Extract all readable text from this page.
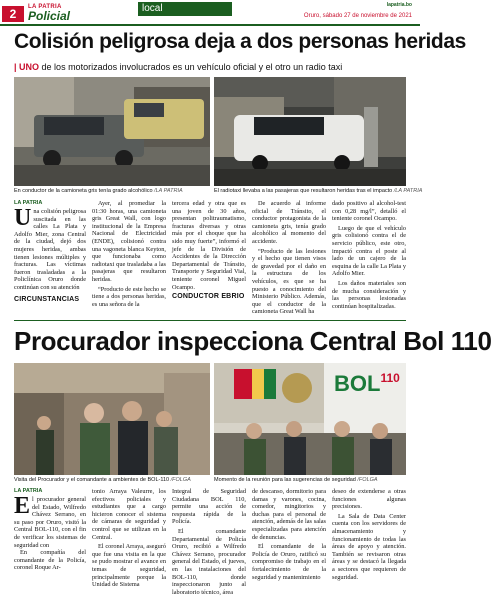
2	LA PATRIA
Policial
local	lapatria.bo
Oruro, sábado 27 de noviembre de 2021
Colisión peligrosa deja a dos personas heridas
| UNO de los motorizados involucrados es un vehículo oficial y el otro un radio taxi
En conductor de la camioneta gris tenía grado alcohólico /LA PATRIA	El radiotaxi llevaba a las pasajeras que resultaron heridas tras el impacto /LA PATRIA
LA PATRIA
Una colisión peligrosa suscitada en las calles La Plata y Adolfo Mier, zona Central de la ciudad, dejó dos mujeres heridas, ambas tienen lesiones múltiples y fracturas. Las víctimas fueron trasladadas a la Policlínica Oruro donde continúan con su atención
CIRCUNSTANCIAS

Ayer, al promediar la 01:30 horas, una camioneta gris Great Wall, con logo institucional de la Empresa Nacional de Electricidad (ENDE), colisionó contra una vagoneta blanca Keyton, que funcionaba como radiotaxi que trasladaba a las pasajeras que resultaron heridas.

“Producto de este hecho se tiene a dos personas heridas, es una señora de la

tercera edad y otra que es una joven de 30 años, presentan politraumatismo, fracturas diversas y otras más por el choque que ha sido muy fuerte”, informó el jefe de la División de Accidentes de la Dirección Departamental de Tránsito, Transporte y Seguridad Vial, teniente coronel Miguel Ocampo.

CONDUCTOR EBRIO

De acuerdo al informe oficial de Tránsito, el conductor protagonista de la camioneta gris, tenía grado alcohólico al momento del accidente.

“Producto de las lesiones y el hecho que tienen visos de gravedad por el daño en la estructura de los vehículos, es que se ha puesto a conocimiento del Ministerio Público. Además, que el conductor de la camioneta Great Wall ha

dado positivo al alcohol-test con 0,28 mg/l”, detalló el teniente coronel Ocampo.

Luego de que el vehículo gris colisionó contra el de servicio público, este otro, impactó contra el poste al lado de un cajero de la esquina de la calle La Plata y Adolfo Mier.

Los daños materiales son de mucha consideración y las personas lesionadas continúan hospitalizadas.

Procurador inspecciona Central Bol 110
BOL$^{110}$
Visita del Procurador y el comandante a ambientes de BOL-110 /FOLGA	Momento de la reunión para las sugerencias de seguridad /FOLGA
LA PATRIA
El procurador general del Estado, Wilfredo Chávez Serrano, en su paso por Oruro, visitó la Central BOL-110, con el fin de verificar los sistemas de seguridad con

En compañía del comandante de la Policía, coronel Roque Ar-

tonio Arraya Valeurre, los efectivos policiales y estudiantes que a cargo hicieron conocer el sistema de cámaras de seguridad y control que se utilizan en la Central.

El coronel Arraya, aseguró que fue una visita en la que se pudo mostrar el avance en temas de seguridad, principalmente porque la Unidad de Sistema

Integral de Seguridad Ciudadana BOL 110, permite una acción de respuesta rápida de la Policía.

El comandante Departamental de Policía Oruro, recibió a Wilfredo Chávez Serrano, procurador general del Estado, el jueves, en las instalaciones del BOL-110, donde inspeccionaron junto al laboratorio técnico, área

de descanso, dormitorio para damas y varones, cocina, comedor, mingitorios y duchas para el personal de atención, además de las salas especializadas para atención de denuncias.

El comandante de la Policía de Oruro, ratificó su compromiso de trabajo en el fortalecimiento de la seguridad y mantenimiento

deseo de extenderse a otras funciones algunas precisiones.

La Sala de Data Center cuenta con los servidores de almacenamiento y funcionamiento de todas las áreas de apoyo y atención. También se revisaron otras áreas y se destacó la llegada a sectores que requieren de seguridad.
